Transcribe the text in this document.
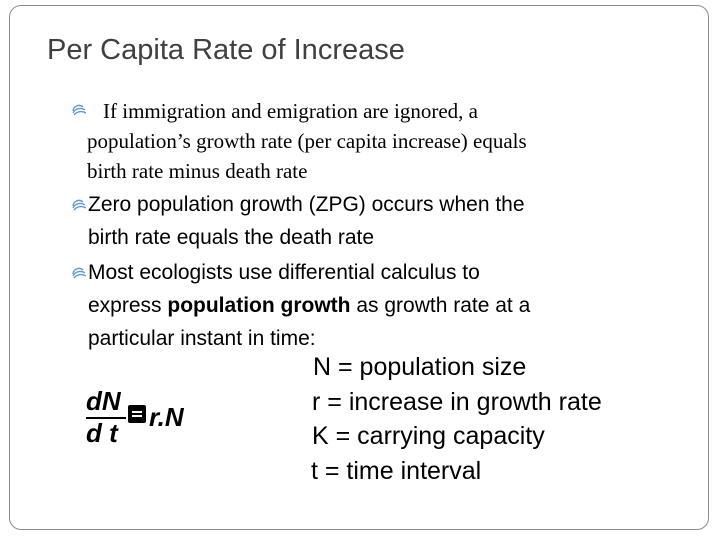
Per Capita Rate of Increase
If immigration and emigration are ignored, a
population’s growth rate (per capita increase) equals
birth rate minus death rate
Zero population growth (ZPG) occurs when the
birth rate equals the death rate
Most ecologists use differential calculus to
express population growth as growth rate at a
particular instant in time:
dN
d t
r.N
N = population size
r = increase in growth rate
K = carrying capacity
t = time interval
